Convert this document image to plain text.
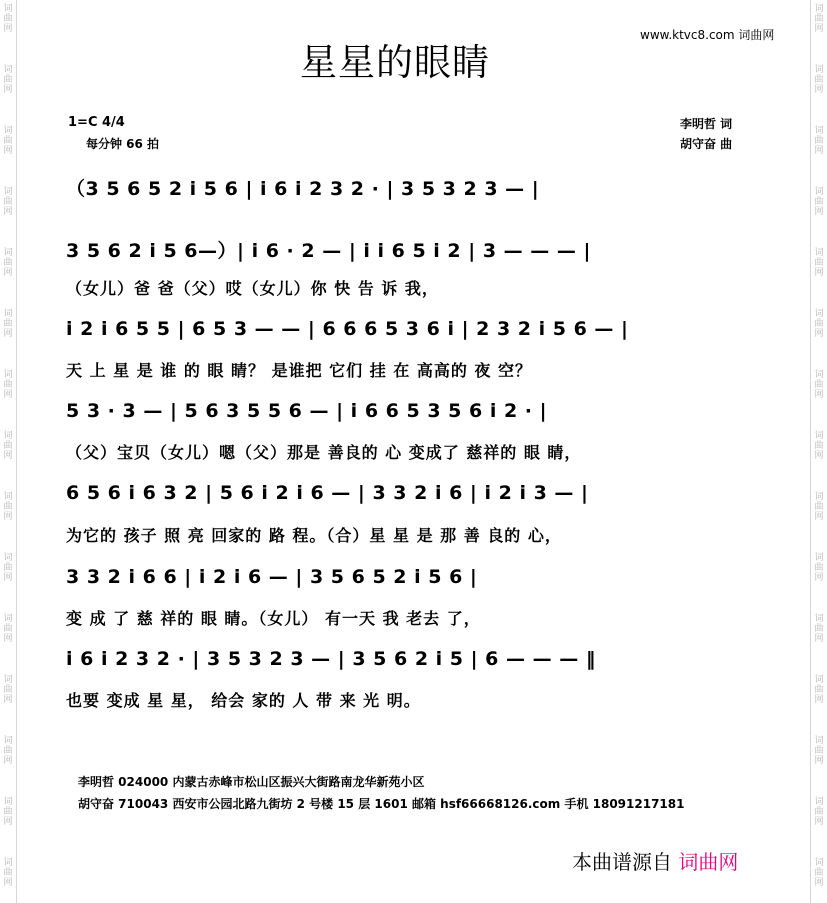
词
曲
网
词
曲
网
词
曲
网
词
曲
网
词
曲
网
词
曲
网
词
曲
网
词
曲
网
词
曲
网
词
曲
网
词
曲
网
词
曲
网
词
曲
网
词
曲
网
词
曲
网
词
曲
网
词
曲
网
词
曲
网
词
曲
网
词
曲
网
词
曲
网
词
曲
网
词
曲
网
词
曲
网
词
曲
网
词
曲
网
词
曲
网
词
曲
网
词
曲
网
词
曲
网
www.ktvc8.com 词曲网
星星的眼睛
1=C 4/4
每分钟 66 拍
李明哲 词
胡守奋 曲
（3 5 6 5 2 i 5 6 | i 6 i 2 3 2 · | 3 5 3 2 3 — |
3 5 6 2 i 5 6—）| i 6 · 2 — | i i 6 5 i 2 | 3 — — — |
（女儿）爸 爸（父）哎（女儿）你 快 告 诉 我，
i 2 i 6 5 5 | 6 5 3 — — | 6 6 6 5 3 6 i | 2 3 2 i 5 6 — |
天 上 星 是 谁 的 眼 睛？ 是谁把 它们 挂 在 高高的 夜 空？
5 3 · 3 — | 5 6 3 5 5 6 — | i 6 6 5 3 5 6 i 2 · |
（父）宝贝（女儿）嗯（父）那是 善良的 心 变成了 慈祥的 眼 睛，
6 5 6 i 6 3 2 | 5 6 i 2 i 6 — | 3 3 2 i 6 | i 2 i 3 — |
为它的 孩子 照 亮 回家的 路 程。（合）星 星 是 那 善 良的 心，
3 3 2 i 6 6 | i 2 i 6 — | 3 5 6 5 2 i 5 6 |
变 成 了 慈 祥的 眼 睛。（女儿） 有一天 我 老去 了，
i 6 i 2 3 2 · | 3 5 3 2 3 — | 3 5 6 2 i 5 | 6 — — — ‖
也要 变成 星 星， 给会 家的 人 带 来 光 明。
李明哲 024000 内蒙古赤峰市松山区振兴大街路南龙华新苑小区
胡守奋 710043 西安市公园北路九街坊 2 号楼 15 层 1601 邮箱 hsf66668126.com 手机 18091217181
本曲谱源自 词曲网
